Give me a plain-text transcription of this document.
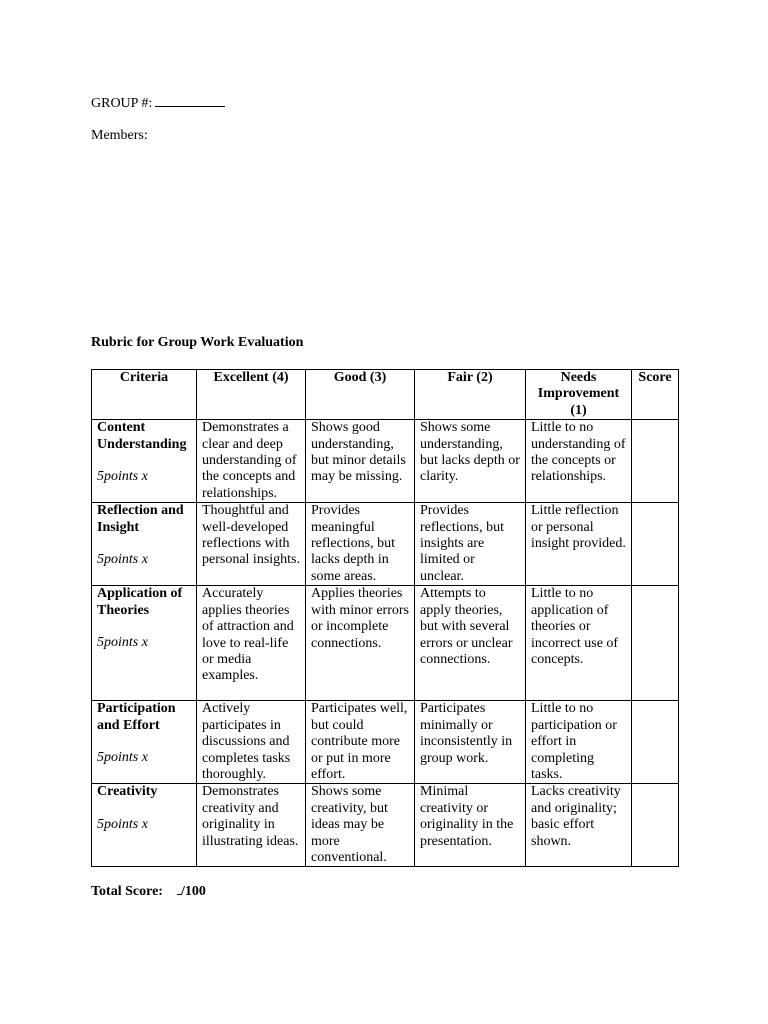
GROUP #:
Members:
Rubric for Group Work Evaluation
Criteria	Excellent (4)	Good (3)	Fair (2)	Needs Improvement (1)	Score

Content Understanding
5points x	Demonstrates a clear and deep understanding of the concepts and relationships.	Shows good understanding, but minor details may be missing.	Shows some understanding, but lacks depth or clarity.	Little to no understanding of the concepts or relationships.	

Reflection and Insight
5points x	Thoughtful and well-developed reflections with personal insights.	Provides meaningful reflections, but lacks depth in some areas.	Provides reflections, but insights are limited or unclear.	Little reflection or personal insight provided.	

Application of Theories
5points x	Accurately applies theories of attraction and love to real-life or media examples.	Applies theories with minor errors or incomplete connections.	Attempts to apply theories, but with several errors or unclear connections.	Little to no application of theories or incorrect use of concepts.	

Participation and Effort
5points x	Actively participates in discussions and completes tasks thoroughly.	Participates well, but could contribute more or put in more effort.	Participates minimally or inconsistently in group work.	Little to no participation or effort in completing tasks.	

Creativity
5points x	Demonstrates creativity and originality in illustrating ideas.	Shows some creativity, but ideas may be more conventional.	Minimal creativity or originality in the presentation.	Lacks creativity and originality; basic effort shown.	
Total Score: /100
